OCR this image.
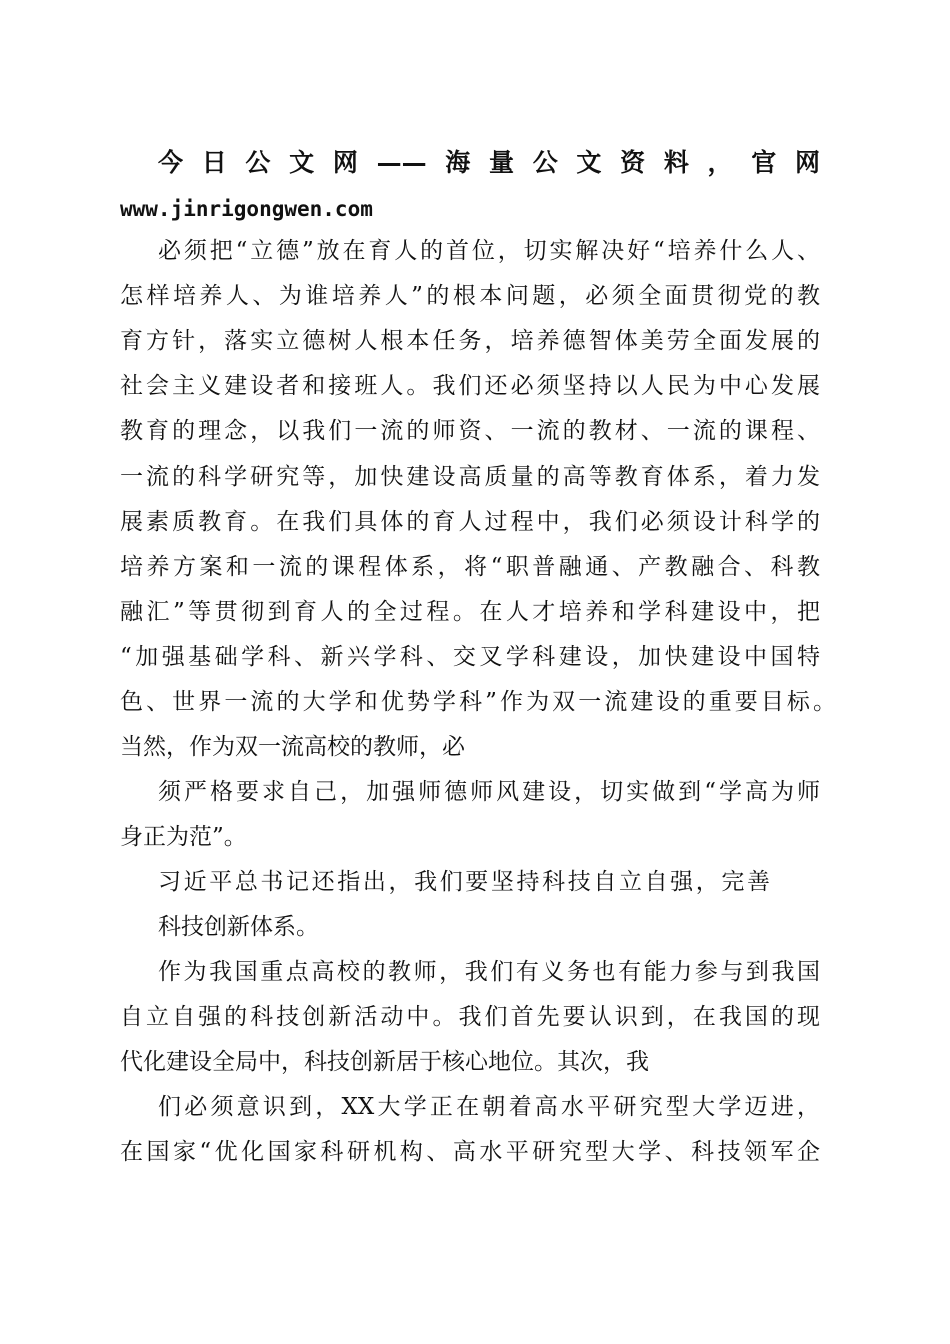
今日公文网——海量公文资料，官网
www.jinrigongwen.com
必须把“立德”放在育人的首位，切实解决好“培养什么人、
怎样培养人、为谁培养人”的根本问题，必须全面贯彻党的教
育方针，落实立德树人根本任务，培养德智体美劳全面发展的
社会主义建设者和接班人。我们还必须坚持以人民为中心发展
教育的理念，以我们一流的师资、一流的教材、一流的课程、
一流的科学研究等，加快建设高质量的高等教育体系，着力发
展素质教育。在我们具体的育人过程中，我们必须设计科学的
培养方案和一流的课程体系，将“职普融通、产教融合、科教
融汇”等贯彻到育人的全过程。在人才培养和学科建设中，把
“加强基础学科、新兴学科、交叉学科建设，加快建设中国特
色、世界一流的大学和优势学科”作为双一流建设的重要目标。
当然，作为双一流高校的教师，必
须严格要求自己，加强师德师风建设，切实做到“学高为师
身正为范”。
习近平总书记还指出，我们要坚持科技自立自强，完善
科技创新体系。
作为我国重点高校的教师，我们有义务也有能力参与到我国
自立自强的科技创新活动中。我们首先要认识到，在我国的现
代化建设全局中，科技创新居于核心地位。其次，我
们必须意识到，XX大学正在朝着高水平研究型大学迈进，
在国家“优化国家科研机构、高水平研究型大学、科技领军企
